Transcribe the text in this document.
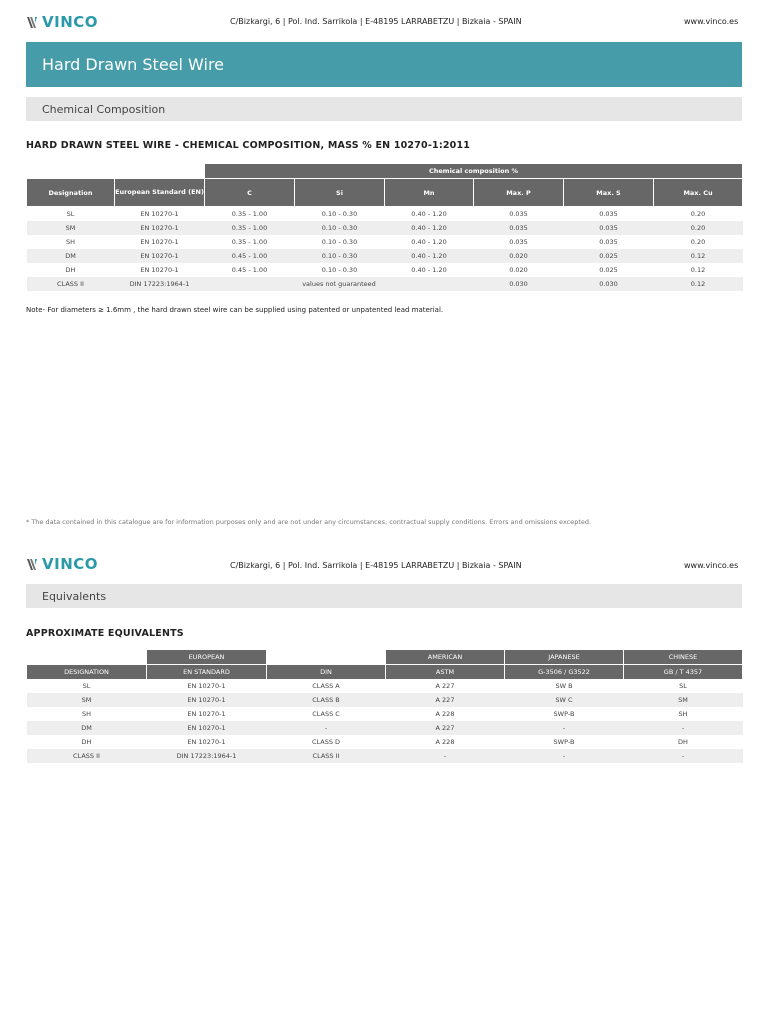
VINCO	C/Bizkargi, 6 | Pol. Ind. Sarrikola | E-48195 LARRABETZU | Bizkaia - SPAIN	www.vinco.es
Hard Drawn Steel Wire
Chemical Composition
HARD DRAWN STEEL WIRE - CHEMICAL COMPOSITION, MASS % EN 10270-1:2011
		Chemical composition %					
Designation	European Standard (EN)	C	Si	Mn	Max. P	Max. S	Max. Cu
SL	EN 10270-1	0.35 - 1.00	0.10 - 0.30	0.40 - 1.20	0.035	0.035	0.20
SM	EN 10270-1	0.35 - 1.00	0.10 - 0.30	0.40 - 1.20	0.035	0.035	0.20
SH	EN 10270-1	0.35 - 1.00	0.10 - 0.30	0.40 - 1.20	0.035	0.035	0.20
DM	EN 10270-1	0.45 - 1.00	0.10 - 0.30	0.40 - 1.20	0.020	0.025	0.12
DH	EN 10270-1	0.45 - 1.00	0.10 - 0.30	0.40 - 1.20	0.020	0.025	0.12
CLASS II	DIN 17223:1964-1	values not guaranteed			0.030	0.030	0.12
Note- For diameters ≥ 1.6mm , the hard drawn steel wire can be supplied using patented or unpatented lead material.
* The data contained in this catalogue are for information purposes only and are not under any circumstances, contractual supply conditions. Errors and omissions excepted.
VINCO	C/Bizkargi, 6 | Pol. Ind. Sarrikola | E-48195 LARRABETZU | Bizkaia - SPAIN	www.vinco.es
Equivalents
APPROXIMATE EQUIVALENTS
	EUROPEAN		AMERICAN	JAPANESE	CHINESE
DESIGNATION	EN STANDARD	DIN	ASTM	G-3506 / G3522	GB / T 4357
SL	EN 10270-1	CLASS A	A 227	SW B	SL
SM	EN 10270-1	CLASS B	A 227	SW C	SM
SH	EN 10270-1	CLASS C	A 228	SWP-B	SH
DM	EN 10270-1	-	A 227	-	-
DH	EN 10270-1	CLASS D	A 228	SWP-B	DH
CLASS II	DIN 17223:1964-1	CLASS II	-	-	-
